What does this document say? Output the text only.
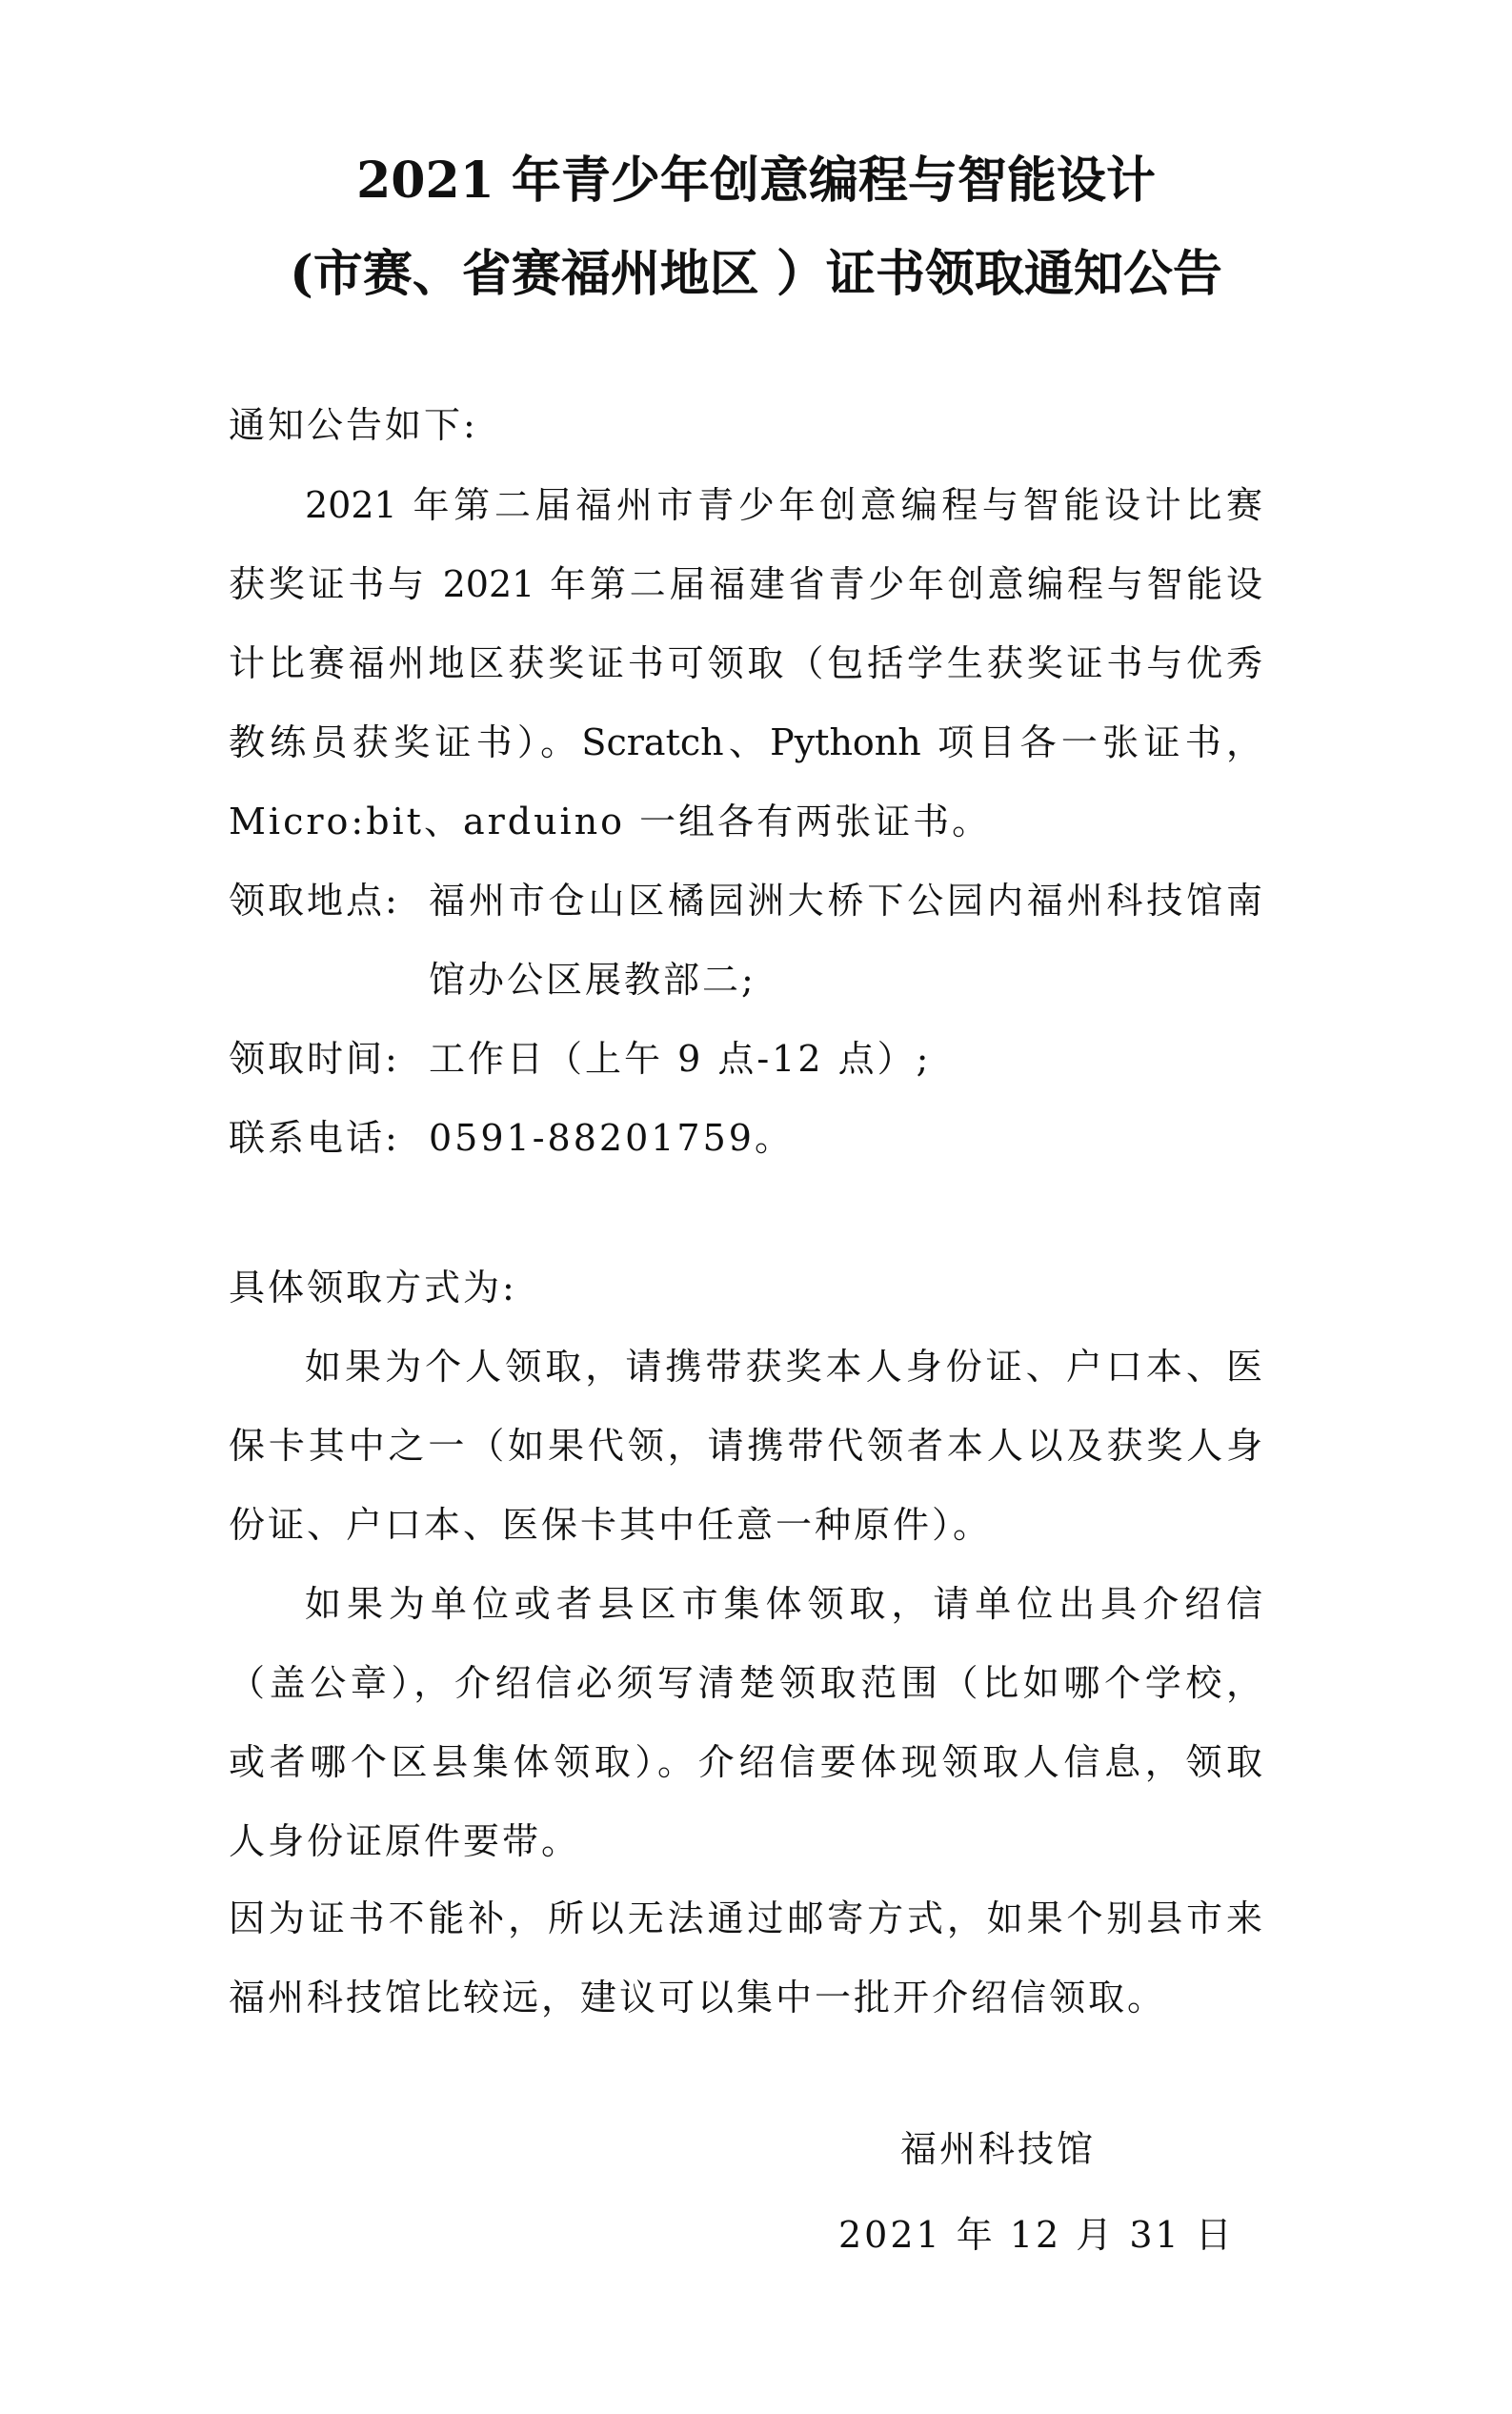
2021 年青少年创意编程与智能设计
(市赛、省赛福州地区 ）证书领取通知公告
通知公告如下:
2021 年第二届福州市青少年创意编程与智能设计比赛
获奖证书与 2021 年第二届福建省青少年创意编程与智能设
计比赛福州地区获奖证书可领取（包括学生获奖证书与优秀
教练员获奖证书）。Scratch、Pythonh 项目各一张证书，
Micro:bit、arduino 一组各有两张证书。
领取地点: 福州市仓山区橘园洲大桥下公园内福州科技馆南
馆办公区展教部二;
领取时间: 工作日（上午 9 点-12 点）;
联系电话: 0591-88201759。
具体领取方式为:
如果为个人领取，请携带获奖本人身份证、户口本、医
保卡其中之一（如果代领，请携带代领者本人以及获奖人身
份证、户口本、医保卡其中任意一种原件）。
如果为单位或者县区市集体领取，请单位出具介绍信
（盖公章），介绍信必须写清楚领取范围（比如哪个学校，
或者哪个区县集体领取）。介绍信要体现领取人信息，领取
人身份证原件要带。
因为证书不能补，所以无法通过邮寄方式，如果个别县市来
福州科技馆比较远，建议可以集中一批开介绍信领取。
福州科技馆
2021 年 12 月 31 日
